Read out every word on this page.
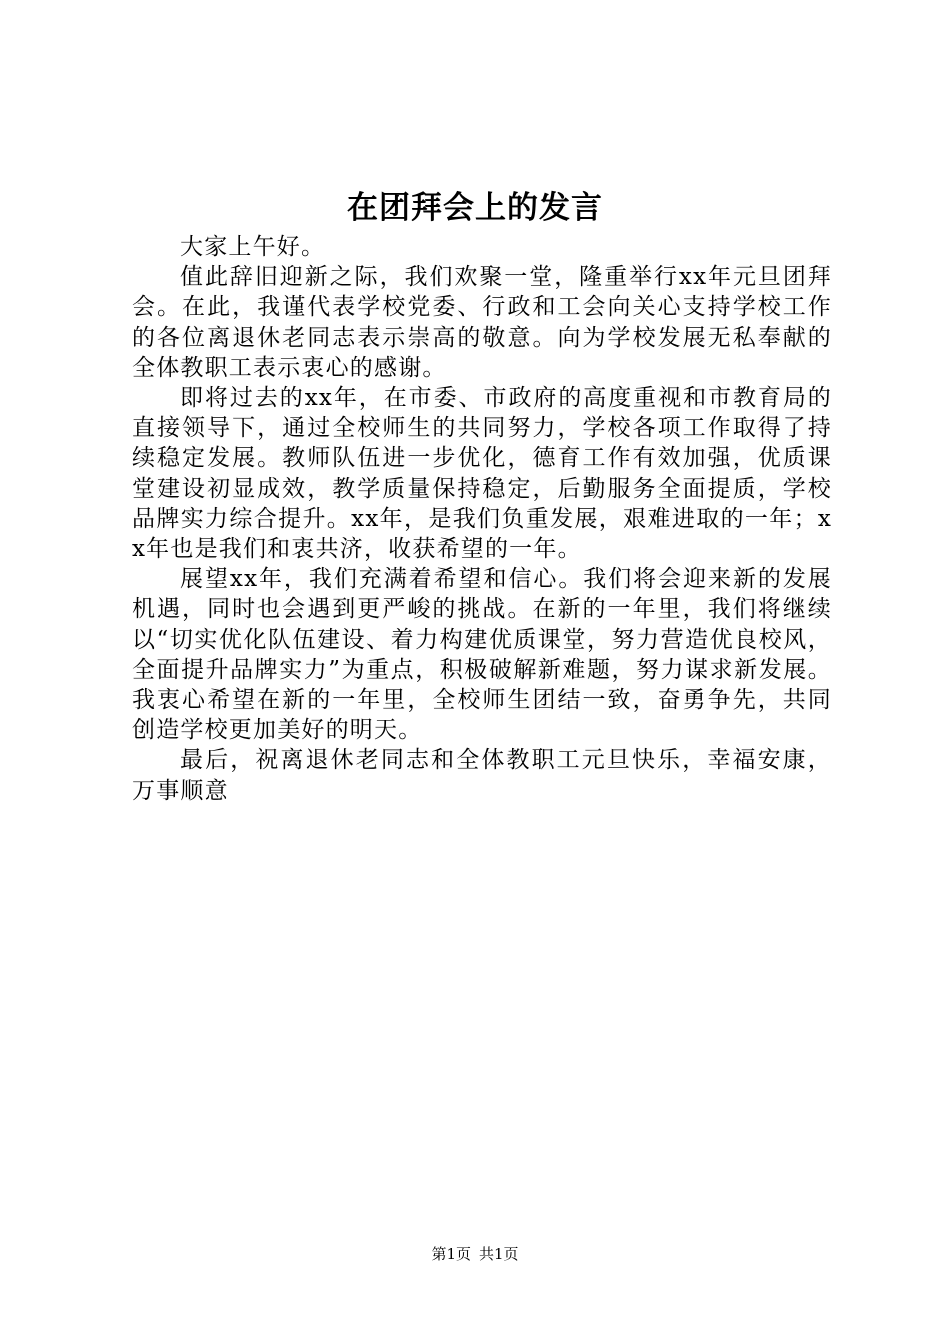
在团拜会上的发言

大家上午好。

值此辞旧迎新之际，我们欢聚一堂，隆重举行xx年元旦团拜会。在此，我谨代表学校党委、行政和工会向关心支持学校工作的各位离退休老同志表示崇高的敬意。向为学校发展无私奉献的全体教职工表示衷心的感谢。

即将过去的xx年，在市委、市政府的高度重视和市教育局的直接领导下，通过全校师生的共同努力，学校各项工作取得了持续稳定发展。教师队伍进一步优化，德育工作有效加强，优质课堂建设初显成效，教学质量保持稳定，后勤服务全面提质，学校品牌实力综合提升。xx年，是我们负重发展，艰难进取的一年；xx年也是我们和衷共济，收获希望的一年。

展望xx年，我们充满着希望和信心。我们将会迎来新的发展机遇，同时也会遇到更严峻的挑战。在新的一年里，我们将继续以“切实优化队伍建设、着力构建优质课堂，努力营造优良校风，全面提升品牌实力”为重点，积极破解新难题，努力谋求新发展。我衷心希望在新的一年里，全校师生团结一致，奋勇争先，共同创造学校更加美好的明天。

最后，祝离退休老同志和全体教职工元旦快乐，幸福安康，万事顺意

第1页 共1页
